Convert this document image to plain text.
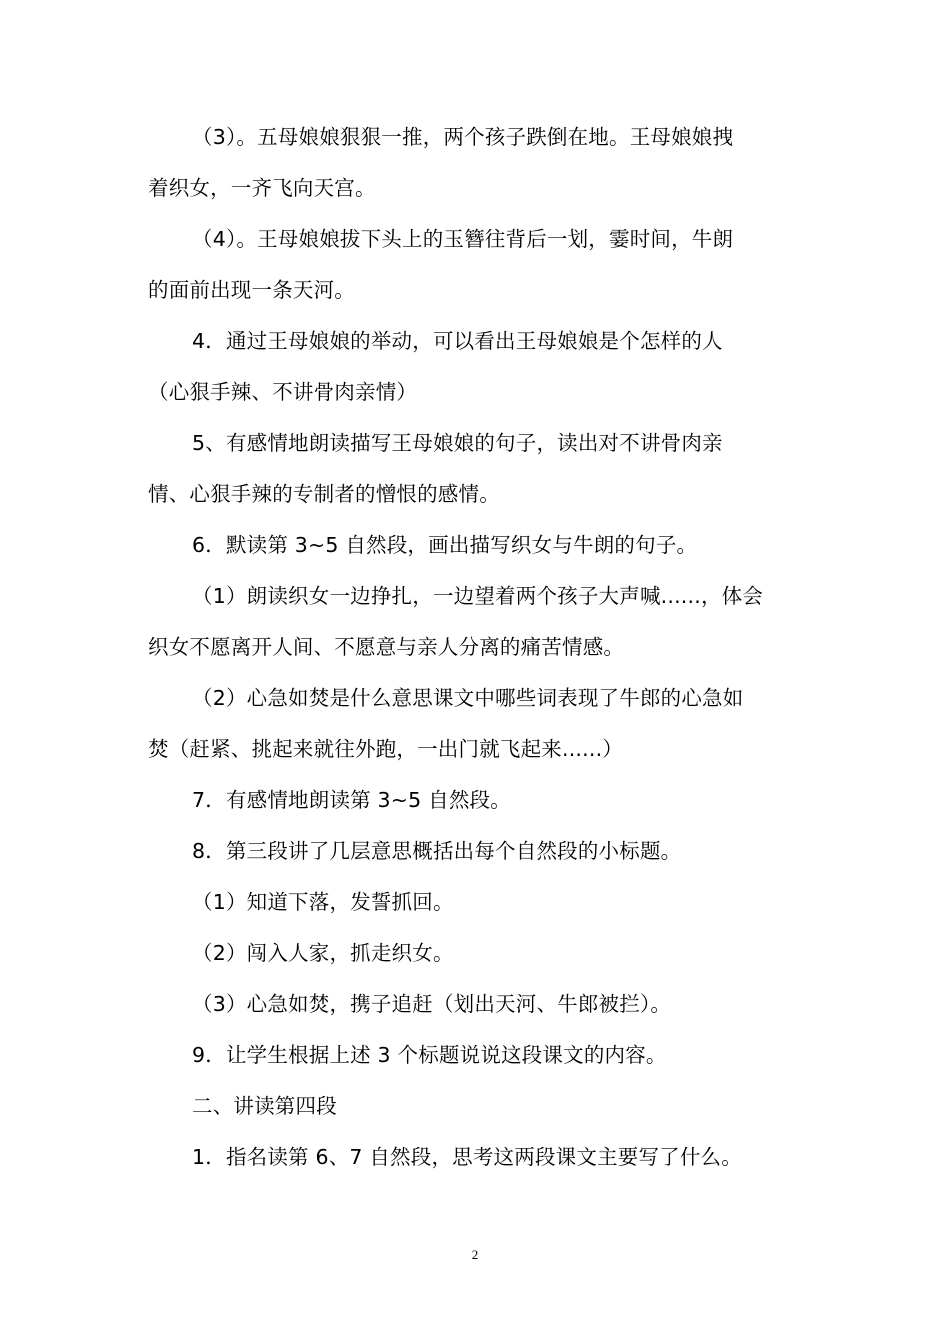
（3）。五母娘娘狠狠一推，两个孩子跌倒在地。王母娘娘拽
着织女，一齐飞向天宫。
（4）。王母娘娘拔下头上的玉簪往背后一划，霎时间，牛朗
的面前出现一条天河。
4．通过王母娘娘的举动，可以看出王母娘娘是个怎样的人
（心狠手辣、不讲骨肉亲情）
5、有感情地朗读描写王母娘娘的句子，读出对不讲骨肉亲
情、心狠手辣的专制者的憎恨的感情。
6．默读第 3~5 自然段，画出描写织女与牛朗的句子。
（1）朗读织女一边挣扎，一边望着两个孩子大声喊......，体会
织女不愿离开人间、不愿意与亲人分离的痛苦情感。
（2）心急如焚是什么意思课文中哪些词表现了牛郎的心急如
焚（赶紧、挑起来就往外跑，一出门就飞起来......）
7．有感情地朗读第 3~5 自然段。
8．第三段讲了几层意思概括出每个自然段的小标题。
（1）知道下落，发誓抓回。
（2）闯入人家，抓走织女。
（3）心急如焚，携子追赶（划出天河、牛郎被拦）。
9．让学生根据上述 3 个标题说说这段课文的内容。
二、讲读第四段
1．指名读第 6、7 自然段，思考这两段课文主要写了什么。
2
